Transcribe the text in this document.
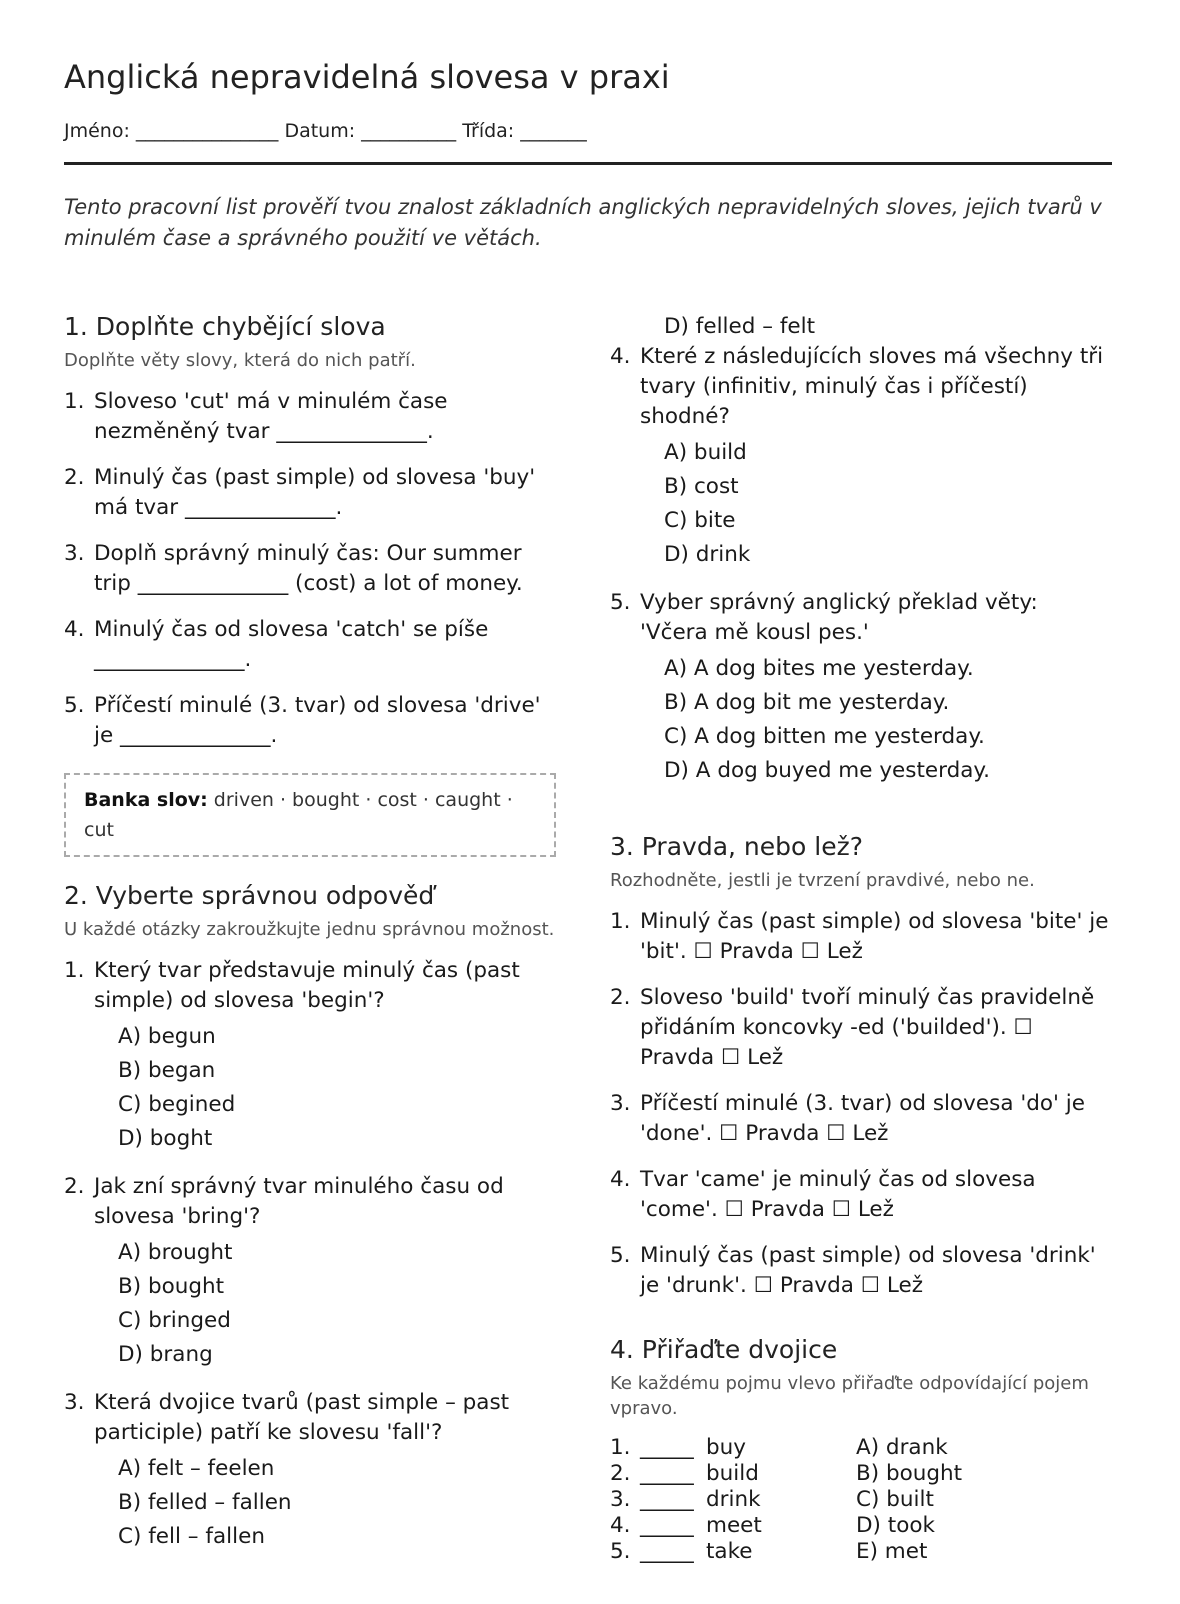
Anglická nepravidelná slovesa v praxi
Jméno: _______________ Datum: __________ Třída: _______
Tento pracovní list prověří tvou znalost základních anglických nepravidelných sloves, jejich tvarů v minulém čase a správného použití ve větách.
1. Doplňte chybějící slova
Doplňte věty slovy, která do nich patří.
1. Sloveso 'cut' má v minulém čase nezměněný tvar ______________.
2. Minulý čas (past simple) od slovesa 'buy' má tvar ______________.
3. Doplň správný minulý čas: Our summer trip ______________ (cost) a lot of money.
4. Minulý čas od slovesa 'catch' se píše ______________.
5. Příčestí minulé (3. tvar) od slovesa 'drive' je ______________.
Banka slov: driven · bought · cost · caught · cut
2. Vyberte správnou odpověď
U každé otázky zakroužkujte jednu správnou možnost.
1. Který tvar představuje minulý čas (past simple) od slovesa 'begin'?
A) begun
B) began
C) begined
D) boght
2. Jak zní správný tvar minulého času od slovesa 'bring'?
A) brought
B) bought
C) bringed
D) brang
3. Která dvojice tvarů (past simple – past participle) patří ke slovesu 'fall'?
A) felt – feelen
B) felled – fallen
C) fell – fallen
D) felled – felt
4. Které z následujících sloves má všechny tři tvary (infinitiv, minulý čas i příčestí) shodné?
A) build
B) cost
C) bite
D) drink
5. Vyber správný anglický překlad věty: 'Včera mě kousl pes.'
A) A dog bites me yesterday.
B) A dog bit me yesterday.
C) A dog bitten me yesterday.
D) A dog buyed me yesterday.
3. Pravda, nebo lež?
Rozhodněte, jestli je tvrzení pravdivé, nebo ne.
1. Minulý čas (past simple) od slovesa 'bite' je 'bit'. ☐ Pravda ☐ Lež
2. Sloveso 'build' tvoří minulý čas pravidelně přidáním koncovky -ed ('builded'). ☐ Pravda ☐ Lež
3. Příčestí minulé (3. tvar) od slovesa 'do' je 'done'. ☐ Pravda ☐ Lež
4. Tvar 'came' je minulý čas od slovesa 'come'. ☐ Pravda ☐ Lež
5. Minulý čas (past simple) od slovesa 'drink' je 'drunk'. ☐ Pravda ☐ Lež
4. Přiřaďte dvojice
Ke každému pojmu vlevo přiřaďte odpovídající pojem vpravo.
1. _____ buy	A) drank
2. _____ build	B) bought
3. _____ drink	C) built
4. _____ meet	D) took
5. _____ take	E) met
